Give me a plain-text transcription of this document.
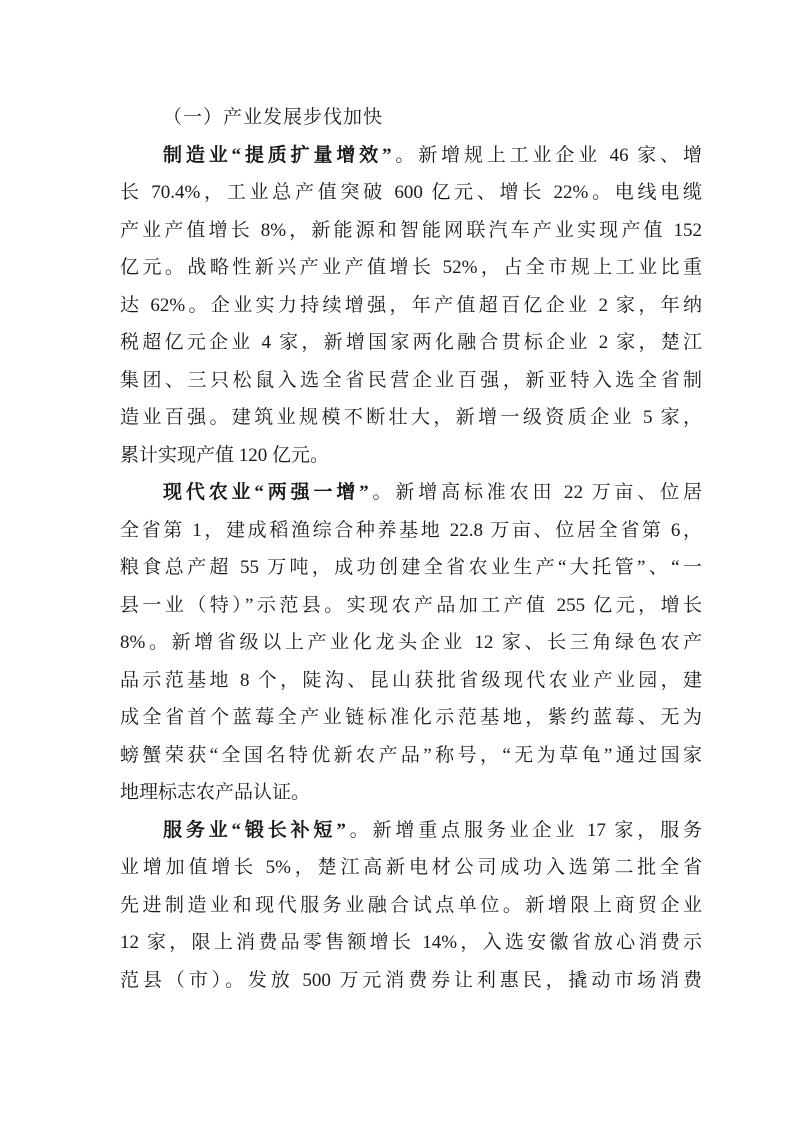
（一）产业发展步伐加快
制造业“提质扩量增效”。新增规上工业企业 46 家、增
长 70.4%，工业总产值突破 600 亿元、增长 22%。电线电缆
产业产值增长 8%，新能源和智能网联汽车产业实现产值 152
亿元。战略性新兴产业产值增长 52%，占全市规上工业比重
达 62%。企业实力持续增强，年产值超百亿企业 2 家，年纳
税超亿元企业 4 家，新增国家两化融合贯标企业 2 家，楚江
集团、三只松鼠入选全省民营企业百强，新亚特入选全省制
造业百强。建筑业规模不断壮大，新增一级资质企业 5 家，
累计实现产值 120 亿元。
现代农业“两强一增”。新增高标准农田 22 万亩、位居
全省第 1，建成稻渔综合种养基地 22.8 万亩、位居全省第 6，
粮食总产超 55 万吨，成功创建全省农业生产“大托管”、“一
县一业（特）”示范县。实现农产品加工产值 255 亿元，增长
8%。新增省级以上产业化龙头企业 12 家、长三角绿色农产
品示范基地 8 个，陡沟、昆山获批省级现代农业产业园，建
成全省首个蓝莓全产业链标准化示范基地，紫约蓝莓、无为
螃蟹荣获“全国名特优新农产品”称号，“无为草龟”通过国家
地理标志农产品认证。
服务业“锻长补短”。新增重点服务业企业 17 家，服务
业增加值增长 5%，楚江高新电材公司成功入选第二批全省
先进制造业和现代服务业融合试点单位。新增限上商贸企业
12 家，限上消费品零售额增长 14%，入选安徽省放心消费示
范县（市）。发放 500 万元消费券让利惠民，撬动市场消费
